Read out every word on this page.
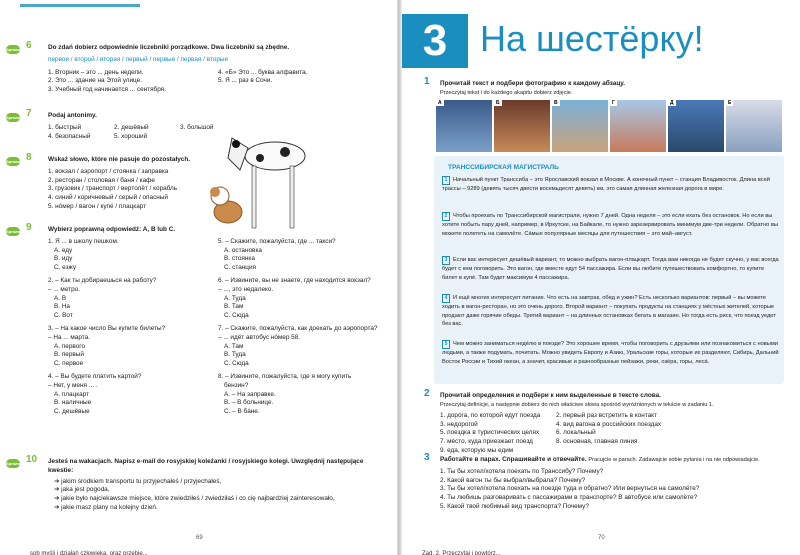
Sprawdź 6	Do zdań dobierz odpowiednie liczebniki porządkowe. Dwa liczebniki są zbędne.
первое / второй / вторая / первый / первые / первая / вторые
1. Вторник – это ... день недели.
2. Это ... здание на Этой улице.
3. Учебный год начинается ... сентября.
4. «Б» Это ... буква алфавита.
5. Я ... раз в Сочи.
Sprawdź 7	Podaj antonimy.
1. быстрый	2. дешёвый	3. большой
4. безопасный	5. хороший
Sprawdź 8	Wskaż słowo, które nie pasuje do pozostałych.
1. вокзал / аэропорт / стоянка / заправка
2. ресторан / столовая / баня / кафе
3. грузовик / транспорт / вертолёт / корабль
4. синий / коричневый / серый / опасный
5. нóмер / вагон / купé / плацкарт
Sprawdź 9	Wybierz poprawną odpowiedź: A, B lub C.
1. Я ... в школу пешком.
A. еду
B. иду
C. езжу
2. – Как ты добираешься на работу?
– ... метро.
A. В
B. На
C. Вот
3. – На какое число Вы купите билеты?
– На ... марта.
A. первого
B. первый
C. первое
4. – Вы будете платить картой?
– Нет, у меня ... .
A. плацкарт
B. наличные
C. дешёвые
5. – Скажите, пожалуйста, где ... такси?
A. остановка
B. стоянка
C. станция
6. – Извините, вы не знаете, где находится вокзал?
– ..., это недалеко.
A. Туда
B. Там
C. Сюда
7. – Скажите, пожалуйста, как доехать до аэропорта?
– ... идёт автобус нóмер 58.
A. Там
B. Туда
C. Сюда
8. – Извините, пожалуйста, где я могу купить
бензин?
A. – На заправке.
B. – В больнице.
C. – В бáне.
Sprawdź 10 Jesteś na wakacjach. Napisz e-mail do rosyjskiej koleżanki / rosyjskiego kolegi. Uwzględnij następujące kwestie:
➔ jakim środkiem transportu tu przyjechałeś / przyjechałeś,
➔ jaka jest pogoda,
➔ jakie było najciekawsze miejsce, które zwiedziłeś / zwiedziłaś i co cię najbardziej zainteresowało,
➔ jakie masz plany na kolejny dzień.
69
sob myśli i działań człowieka, oraz przebie...
3 На шестёрку!
1 Прочитай текст и подбери фотографию к каждому абзацу.
Przeczytaj tekst i do każdego akapitu dobierz zdjęcie.
А	Б	В	Г	Д	Е
ТРАНССИБИРСКАЯ МАГИСТРАЛЬ
1 Начальный пункт Транссиба – это Ярославский вокзал в Москве. А конечный пункт – станция Владивосток. Длина всей трассы – 9289 (девять тысяч двести восемьдесят девять) км, это самая длинная железная дорога в мире.
2 Чтобы проехать по Транссибирской магистрали, нужно 7 дней. Одна неделя – это если ехать без остановок. Но если вы хотите побыть пару дней, например, в Иркутске, на Байкале, то нужно зарезервировать минимум две-три недели. Обратно вы можете полететь на самолёте. Сáмые популярные месяцы для путешествия – это май–август.
3 Если вас интересует дешёвый вариант, то можно выбрать вагон-плацкарт. Тогда вам никогда не будет скучно, у вас всегда будет с кем поговорить. Это вагон, где вместе едут 54 пассажира. Если вы любите путешествовать комфортно, то купите билет в купé. Там будет максимум 4 пассажира.
4 И ещё многих интересует питание. Что есть на завтрак, обед и ужин? Есть несколько вариантов: первый – вы можете ходить в вагон-ресторан, но это очень дорого. Второй вариант – покупать продукты на станциях у мéстных жителей, которые продают даже горячие обеды. Третий вариант – на длинных остановках бегать в магазин. Но тогда есть риск, что поезд уедет без вас.
5 Чем можно заниматься недéлю в поезде? Это хорошее время, чтобы поговорить с друзьями или познакомиться с новыми людьми, а также подумать, почитать. Можно увидеть Европу и Азию, Уральские горы, которые их разделяют, Сибирь, Дальний Восток России и Тихий океан, а значит, красивые и разнообразные пейзажи, реки, озёра, горы, лесá.
2 Прочитай определения и подбери к ним выделенные в тексте слова.
Przeczytaj definicje, a następnie dobierz do nich właściwe słowa spośród wyróżnionych w tekście w zadaniu 1.
1. дорóга, по которой едут поезда	2. первый раз встретить в контакт
3. недорогой	4. вид вагона в российских поездах
5. поездка в туристических целях	6. локальный
7. мéсто, куда приезжает поезд	8. основная, главная линия
9. еда, которую мы едим
3 Работайте в парах. Спрашивайте и отвечайте. Pracujcie w parach. Zadawajcie sobie pytania i na nie odpowiadajcie.
1. Ты бы хотел/хотела поехать по Транссибу? Почему?
2. Какой вагон ты бы выбрал/выбрала? Почему?
3. Ты бы хотел/хотела поехать на поезде туда и обратно? Или вернуться на самолёте?
4. Ты любишь разговаривать с пассажирами в транспорте? В автобусе или самолёте?
5. Какой твой любимый вид транспорта? Почему?
70
Zad. 2. Przeczytaj i powtórz...
